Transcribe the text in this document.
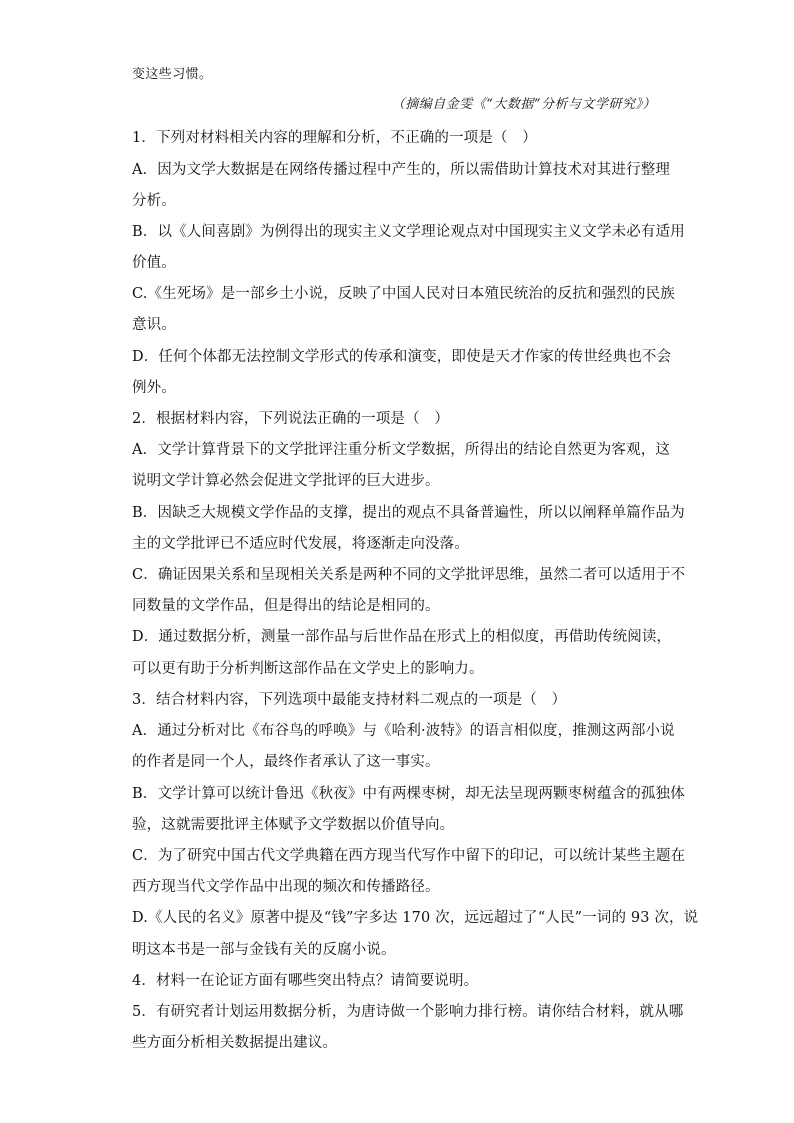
变这些习惯。
（摘编自金雯《“大数据”分析与文学研究》）
1．下列对材料相关内容的理解和分析，不正确的一项是（　）
A．因为文学大数据是在网络传播过程中产生的，所以需借助计算技术对其进行整理
分析。
B．以《人间喜剧》为例得出的现实主义文学理论观点对中国现实主义文学未必有适用
价值。
C.《生死场》是一部乡土小说，反映了中国人民对日本殖民统治的反抗和强烈的民族
意识。
D．任何个体都无法控制文学形式的传承和演变，即使是天才作家的传世经典也不会
例外。
2．根据材料内容，下列说法正确的一项是（　）
A．文学计算背景下的文学批评注重分析文学数据，所得出的结论自然更为客观，这
说明文学计算必然会促进文学批评的巨大进步。
B．因缺乏大规模文学作品的支撑，提出的观点不具备普遍性，所以以阐释单篇作品为
主的文学批评已不适应时代发展，将逐渐走向没落。
C．确证因果关系和呈现相关关系是两种不同的文学批评思维，虽然二者可以适用于不
同数量的文学作品，但是得出的结论是相同的。
D．通过数据分析，测量一部作品与后世作品在形式上的相似度，再借助传统阅读，
可以更有助于分析判断这部作品在文学史上的影响力。
3．结合材料内容，下列选项中最能支持材料二观点的一项是（　）
A．通过分析对比《布谷鸟的呼唤》与《哈利·波特》的语言相似度，推测这两部小说
的作者是同一个人，最终作者承认了这一事实。
B．文学计算可以统计鲁迅《秋夜》中有两棵枣树，却无法呈现两颗枣树蕴含的孤独体
验，这就需要批评主体赋予文学数据以价值导向。
C．为了研究中国古代文学典籍在西方现当代写作中留下的印记，可以统计某些主题在
西方现当代文学作品中出现的频次和传播路径。
D.《人民的名义》原著中提及“钱”字多达 170 次，远远超过了“人民”一词的 93 次，说
明这本书是一部与金钱有关的反腐小说。
4．材料一在论证方面有哪些突出特点？请简要说明。
5．有研究者计划运用数据分析，为唐诗做一个影响力排行榜。请你结合材料，就从哪
些方面分析相关数据提出建议。
